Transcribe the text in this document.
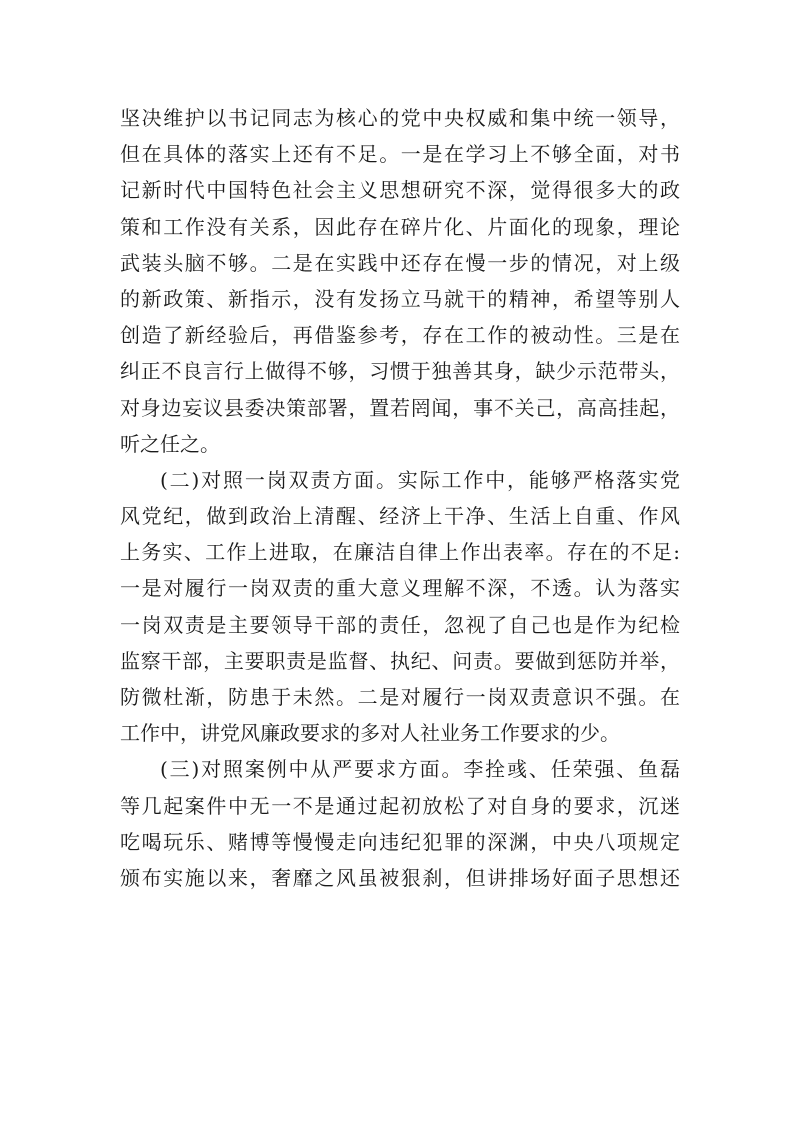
坚决维护以书记同志为核心的党中央权威和集中统一领导，
但在具体的落实上还有不足。一是在学习上不够全面，对书
记新时代中国特色社会主义思想研究不深，觉得很多大的政
策和工作没有关系，因此存在碎片化、片面化的现象，理论
武装头脑不够。二是在实践中还存在慢一步的情况，对上级
的新政策、新指示，没有发扬立马就干的精神，希望等别人
创造了新经验后，再借鉴参考，存在工作的被动性。三是在
纠正不良言行上做得不够，习惯于独善其身，缺少示范带头，
对身边妄议县委决策部署，置若罔闻，事不关己，高高挂起，
听之任之。
(二)对照一岗双责方面。实际工作中，能够严格落实党
风党纪，做到政治上清醒、经济上干净、生活上自重、作风
上务实、工作上进取，在廉洁自律上作出表率。存在的不足:
一是对履行一岗双责的重大意义理解不深，不透。认为落实
一岗双责是主要领导干部的责任，忽视了自己也是作为纪检
监察干部，主要职责是监督、执纪、问责。要做到惩防并举，
防微杜渐，防患于未然。二是对履行一岗双责意识不强。在
工作中，讲党风廉政要求的多对人社业务工作要求的少。
(三)对照案例中从严要求方面。李拴彧、任荣强、鱼磊
等几起案件中无一不是通过起初放松了对自身的要求，沉迷
吃喝玩乐、赌博等慢慢走向违纪犯罪的深渊，中央八项规定
颁布实施以来，奢靡之风虽被狠刹，但讲排场好面子思想还
